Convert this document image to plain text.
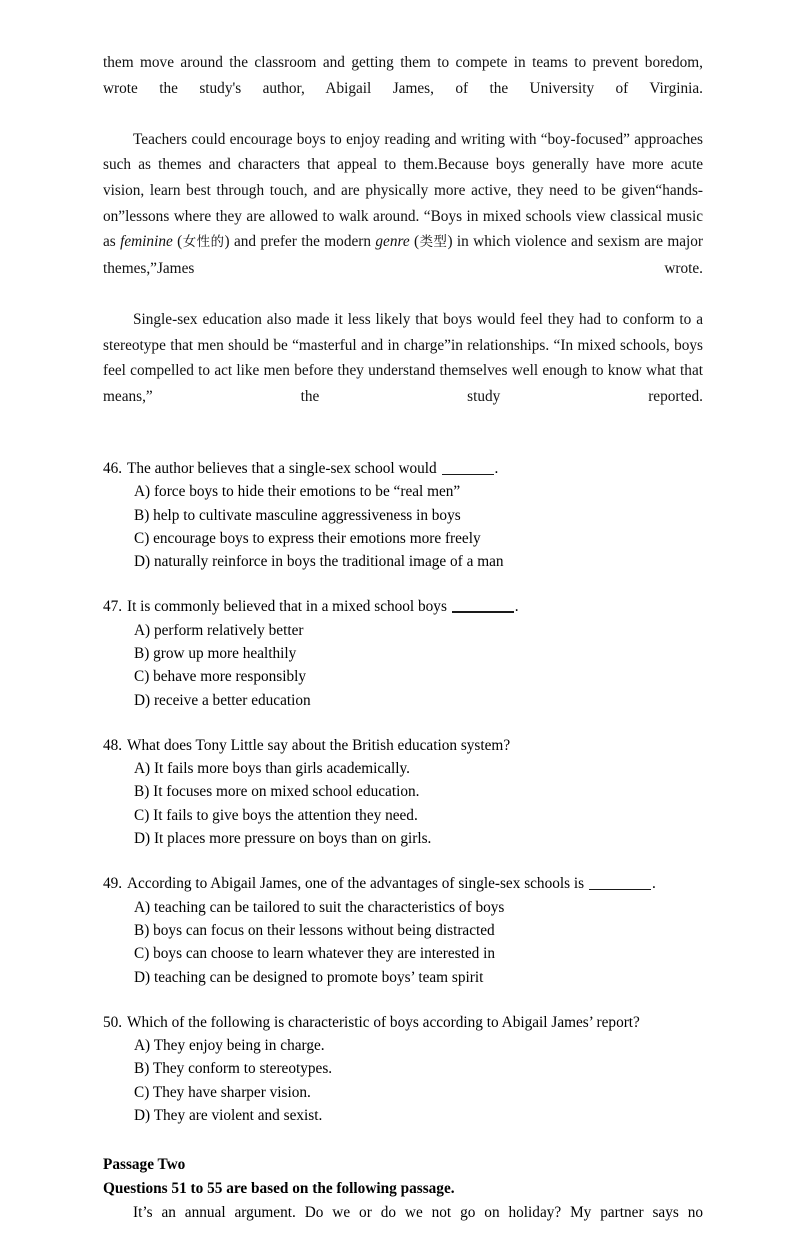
them move around the classroom and getting them to compete in teams to prevent boredom, wrote the study's author, Abigail James, of the University of Virginia.

Teachers could encourage boys to enjoy reading and writing with “boy-focused” approaches such as themes and characters that appeal to them.Because boys generally have more acute vision, learn best through touch, and are physically more active, they need to be given“hands-on”lessons where they are allowed to walk around. “Boys in mixed schools view classical music as feminine (女性的) and prefer the modern genre (类型) in which violence and sexism are major themes,”James wrote.

Single-sex education also made it less likely that boys would feel they had to conform to a stereotype that men should be “masterful and in charge”in relationships. “In mixed schools, boys feel compelled to act like men before they understand themselves well enough to know what that means,” the study reported.

46. The author believes that a single-sex school would	.

A) force boys to hide their emotions to be “real men”

B) help to cultivate masculine aggressiveness in boys

C) encourage boys to express their emotions more freely

D) naturally reinforce in boys the traditional image of a man

47. It is commonly believed that in a mixed school boys	.

A) perform relatively better

B) grow up more healthily

C) behave more responsibly

D) receive a better education

48. What does Tony Little say about the British education system?

A) It fails more boys than girls academically.

B) It focuses more on mixed school education.

C) It fails to give boys the attention they need.

D) It places more pressure on boys than on girls.

49. According to Abigail James, one of the advantages of single-sex schools is	.

A) teaching can be tailored to suit the characteristics of boys

B) boys can focus on their lessons without being distracted

C) boys can choose to learn whatever they are interested in

D) teaching can be designed to promote boys’ team spirit

50. Which of the following is characteristic of boys according to Abigail James’ report?

A) They enjoy being in charge.

B) They conform to stereotypes.

C) They have sharper vision.

D) They are violent and sexist.

Passage Two

Questions 51 to 55 are based on the following passage.

It’s an annual argument. Do we or do we not go on holiday? My partner says no
